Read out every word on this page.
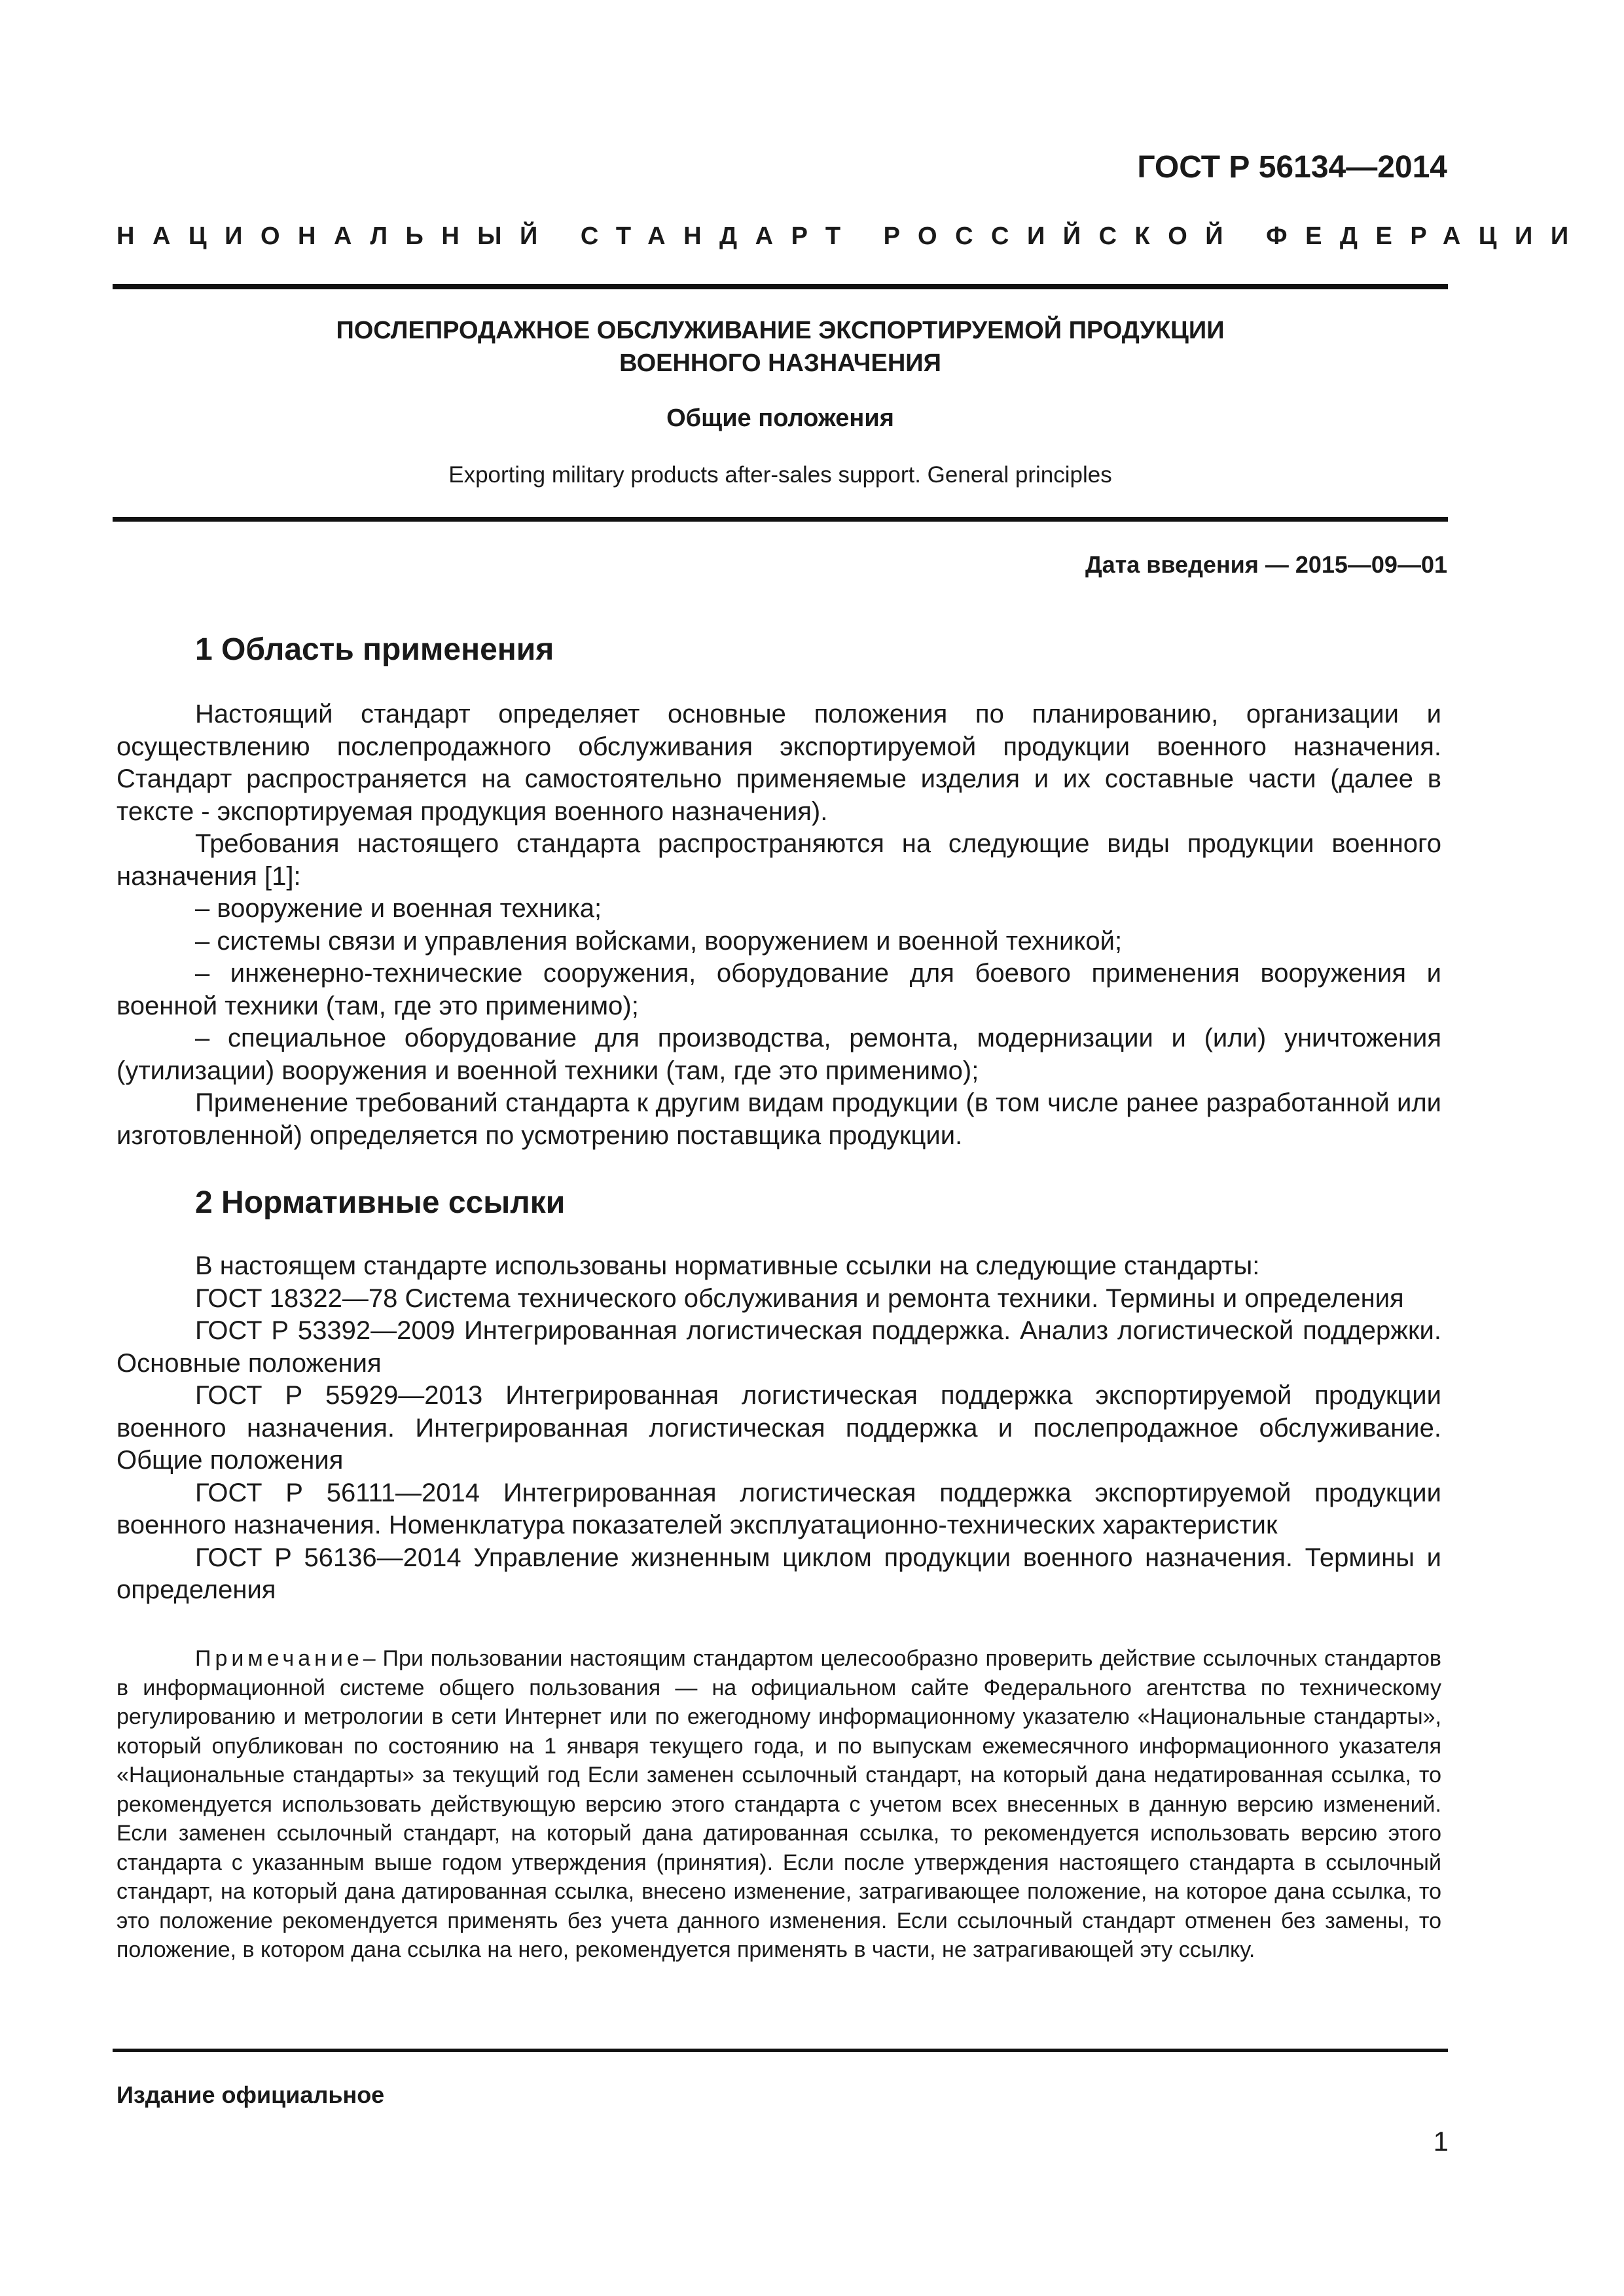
ГОСТ Р 56134—2014
НАЦИОНАЛЬНЫЙ СТАНДАРТ РОССИЙСКОЙ ФЕДЕРАЦИИ
ПОСЛЕПРОДАЖНОЕ ОБСЛУЖИВАНИЕ ЭКСПОРТИРУЕМОЙ ПРОДУКЦИИ
ВОЕННОГО НАЗНАЧЕНИЯ
Общие положения
Exporting military products after-sales support. General principles
Дата введения — 2015—09—01
1 Область применения

Настоящий стандарт определяет основные положения по планированию, организации и осуществлению послепродажного обслуживания экспортируемой продукции военного назначения. Стандарт распространяется на самостоятельно применяемые изделия и их составные части (далее в тексте - экспортируемая продукция военного назначения).

Требования настоящего стандарта распространяются на следующие виды продукции военного назначения [1]:

– вооружение и военная техника;

– системы связи и управления войсками, вооружением и военной техникой;

– инженерно-технические сооружения, оборудование для боевого применения вооружения и военной техники (там, где это применимо);

– специальное оборудование для производства, ремонта, модернизации и (или) уничтожения (утилизации) вооружения и военной техники (там, где это применимо);

Применение требований стандарта к другим видам продукции (в том числе ранее разработанной или изготовленной) определяется по усмотрению поставщика продукции.

2 Нормативные ссылки

В настоящем стандарте использованы нормативные ссылки на следующие стандарты:

ГОСТ 18322—78 Система технического обслуживания и ремонта техники. Термины и определения

ГОСТ Р 53392—2009 Интегрированная логистическая поддержка. Анализ логистической поддержки. Основные положения

ГОСТ Р 55929—2013 Интегрированная логистическая поддержка экспортируемой продукции военного назначения. Интегрированная логистическая поддержка и послепродажное обслуживание. Общие положения

ГОСТ Р 56111—2014 Интегрированная логистическая поддержка экспортируемой продукции военного назначения. Номенклатура показателей эксплуатационно-технических характеристик

ГОСТ Р 56136—2014 Управление жизненным циклом продукции военного назначения. Термины и определения

Примечание– При пользовании настоящим стандартом целесообразно проверить действие ссылочных стандартов в информационной системе общего пользования — на официальном сайте Федерального агентства по техническому регулированию и метрологии в сети Интернет или по ежегодному информационному указателю «Национальные стандарты», который опубликован по состоянию на 1 января текущего года, и по выпускам ежемесячного информационного указателя «Национальные стандарты» за текущий год Если заменен ссылочный стандарт, на который дана недатированная ссылка, то рекомендуется использовать действующую версию этого стандарта с учетом всех внесенных в данную версию изменений. Если заменен ссылочный стандарт, на который дана датированная ссылка, то рекомендуется использовать версию этого стандарта с указанным выше годом утверждения (принятия). Если после утверждения настоящего стандарта в ссылочный стандарт, на который дана датированная ссылка, внесено изменение, затрагивающее положение, на которое дана ссылка, то это положение рекомендуется применять без учета данного изменения. Если ссылочный стандарт отменен без замены, то положение, в котором дана ссылка на него, рекомендуется применять в части, не затрагивающей эту ссылку.
Издание официальное
1
